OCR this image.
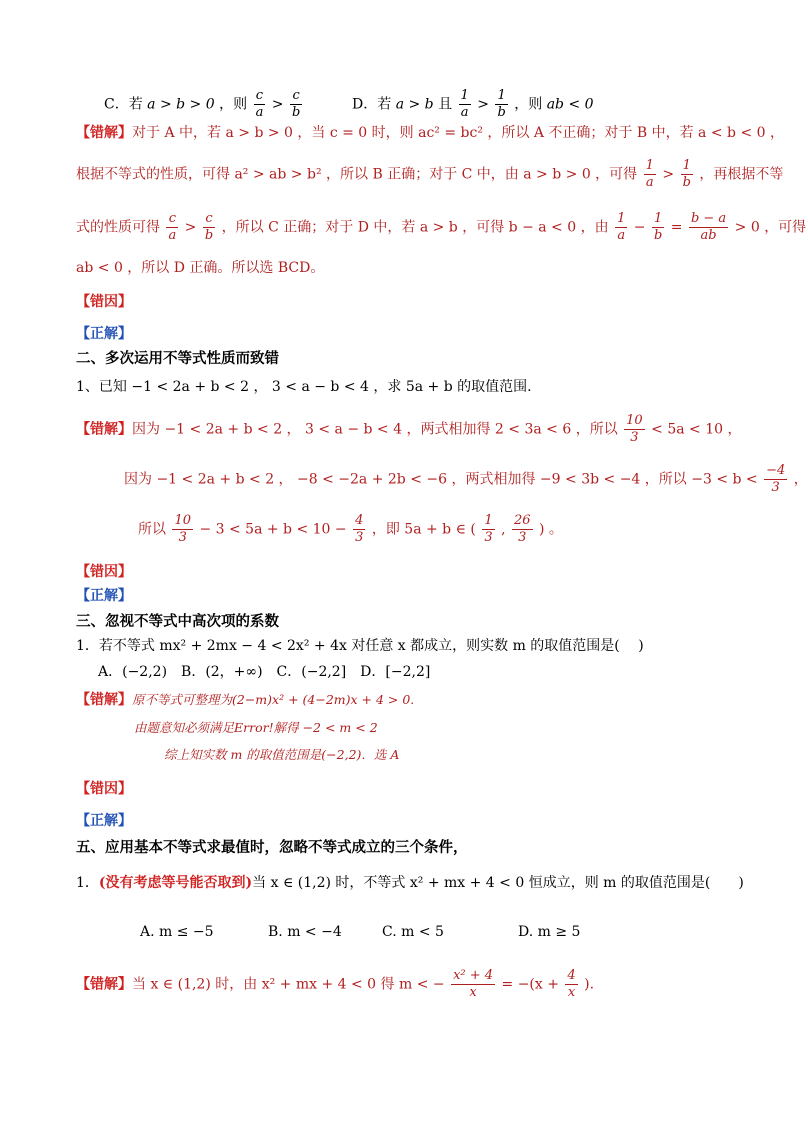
C．若 a > b > 0 ，则 $\frac{c}{a} > \frac{c}{b}$	D．若 a > b 且 $\frac{1}{a} > \frac{1}{b}$ ，则 ab < 0
【错解】对于 A 中，若 a > b > 0 ，当 c = 0 时，则 ac² = bc² ，所以 A 不正确；对于 B 中，若 a < b < 0 ，
根据不等式的性质，可得 a² > ab > b² ，所以 B 正确；对于 C 中，由 a > b > 0 ，可得 $\frac{1}{a} > \frac{1}{b}$ ，再根据不等
式的性质可得 $\frac{c}{a} > \frac{c}{b}$ ，所以 C 正确；对于 D 中，若 a > b ，可得 b − a < 0 ，由 $\frac{1}{a} - \frac{1}{b} = \frac{b - a}{ab} > 0$ ，可得
ab < 0 ，所以 D 正确。所以选 BCD。
【错因】
【正解】
二、多次运用不等式性质而致错
1、已知 −1 < 2a + b < 2 ， 3 < a − b < 4 ，求 5a + b 的取值范围.
【错解】因为 −1 < 2a + b < 2 ， 3 < a − b < 4 ，两式相加得 2 < 3a < 6 ，所以 $\frac{10}{3} < 5a < 10$ ，
因为 −1 < 2a + b < 2 ， −8 < −2a + 2b < −6 ，两式相加得 −9 < 3b < −4 ，所以 $-3 < b < \frac{-4}{3}$ ，
所以 $\frac{10}{3} - 3 < 5a + b < 10 - \frac{4}{3}$ ，即 5a + b ∈ ( $\frac{1}{3}$ , $\frac{26}{3}$ ) 。
【错因】
【正解】
三、忽视不等式中高次项的系数
1．若不等式 mx² + 2mx − 4 < 2x² + 4x 对任意 x 都成立，则实数 m 的取值范围是(　 )
A．(−2,2)　B．(2，+∞)　C．(−2,2]　D．[−2,2]
【错解】原不等式可整理为(2−m)x² + (4−2m)x + 4 > 0.
由题意知必须满足Error!解得 −2 < m < 2
综上知实数 m 的取值范围是(−2,2)．选 A
【错因】
【正解】
五、应用基本不等式求最值时，忽略不等式成立的三个条件，
1．(没有考虑等号能否取到)当 x ∈ (1,2) 时，不等式 x² + mx + 4 < 0 恒成立，则 m 的取值范围是(　　)
A. m ≤ −5	B. m < −4	C. m < 5	D. m ≥ 5
【错解】当 x ∈ (1,2) 时，由 x² + mx + 4 < 0 得 m < − $\frac{\text{x² + 4}}{x} = -(x + \frac{4}{x}$ ).
